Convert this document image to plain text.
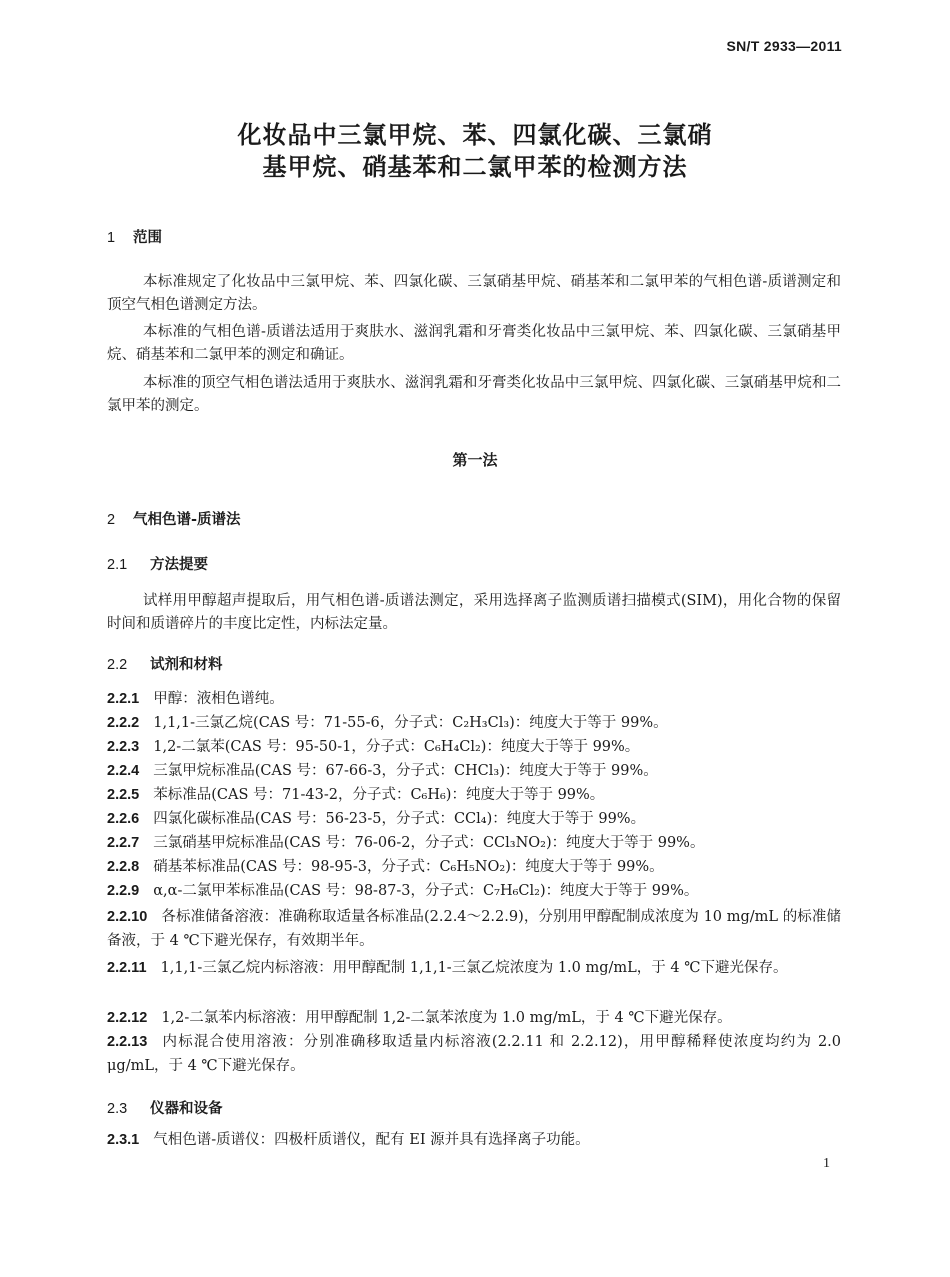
SN/T 2933—2011
化妆品中三氯甲烷、苯、四氯化碳、三氯硝
基甲烷、硝基苯和二氯甲苯的检测方法
1 范围
本标准规定了化妆品中三氯甲烷、苯、四氯化碳、三氯硝基甲烷、硝基苯和二氯甲苯的气相色谱-质谱测定和顶空气相色谱测定方法。
本标准的气相色谱-质谱法适用于爽肤水、滋润乳霜和牙膏类化妆品中三氯甲烷、苯、四氯化碳、三氯硝基甲烷、硝基苯和二氯甲苯的测定和确证。
本标准的顶空气相色谱法适用于爽肤水、滋润乳霜和牙膏类化妆品中三氯甲烷、四氯化碳、三氯硝基甲烷和二氯甲苯的测定。
第一法
2 气相色谱-质谱法
2.1 方法提要
试样用甲醇超声提取后，用气相色谱-质谱法测定，采用选择离子监测质谱扫描模式(SIM)，用化合物的保留时间和质谱碎片的丰度比定性，内标法定量。
2.2 试剂和材料
2.2.1 甲醇：液相色谱纯。
2.2.2 1,1,1-三氯乙烷(CAS 号：71-55-6，分子式：C₂H₃Cl₃)：纯度大于等于 99%。
2.2.3 1,2-二氯苯(CAS 号：95-50-1，分子式：C₆H₄Cl₂)：纯度大于等于 99%。
2.2.4 三氯甲烷标准品(CAS 号：67-66-3，分子式：CHCl₃)：纯度大于等于 99%。
2.2.5 苯标准品(CAS 号：71-43-2，分子式：C₆H₆)：纯度大于等于 99%。
2.2.6 四氯化碳标准品(CAS 号：56-23-5，分子式：CCl₄)：纯度大于等于 99%。
2.2.7 三氯硝基甲烷标准品(CAS 号：76-06-2，分子式：CCl₃NO₂)：纯度大于等于 99%。
2.2.8 硝基苯标准品(CAS 号：98-95-3，分子式：C₆H₅NO₂)：纯度大于等于 99%。
2.2.9 α,α-二氯甲苯标准品(CAS 号：98-87-3，分子式：C₇H₆Cl₂)：纯度大于等于 99%。
2.2.10 各标准储备溶液：准确称取适量各标准品(2.2.4～2.2.9)，分别用甲醇配制成浓度为 10 mg/mL 的标准储备液，于 4 ℃下避光保存，有效期半年。
2.2.11 1,1,1-三氯乙烷内标溶液：用甲醇配制 1,1,1-三氯乙烷浓度为 1.0 mg/mL，于 4 ℃下避光保存。
2.2.12 1,2-二氯苯内标溶液：用甲醇配制 1,2-二氯苯浓度为 1.0 mg/mL，于 4 ℃下避光保存。
2.2.13 内标混合使用溶液：分别准确移取适量内标溶液(2.2.11 和 2.2.12)，用甲醇稀释使浓度均约为 2.0 μg/mL，于 4 ℃下避光保存。
2.3 仪器和设备
2.3.1 气相色谱-质谱仪：四极杆质谱仪，配有 EI 源并具有选择离子功能。
1
